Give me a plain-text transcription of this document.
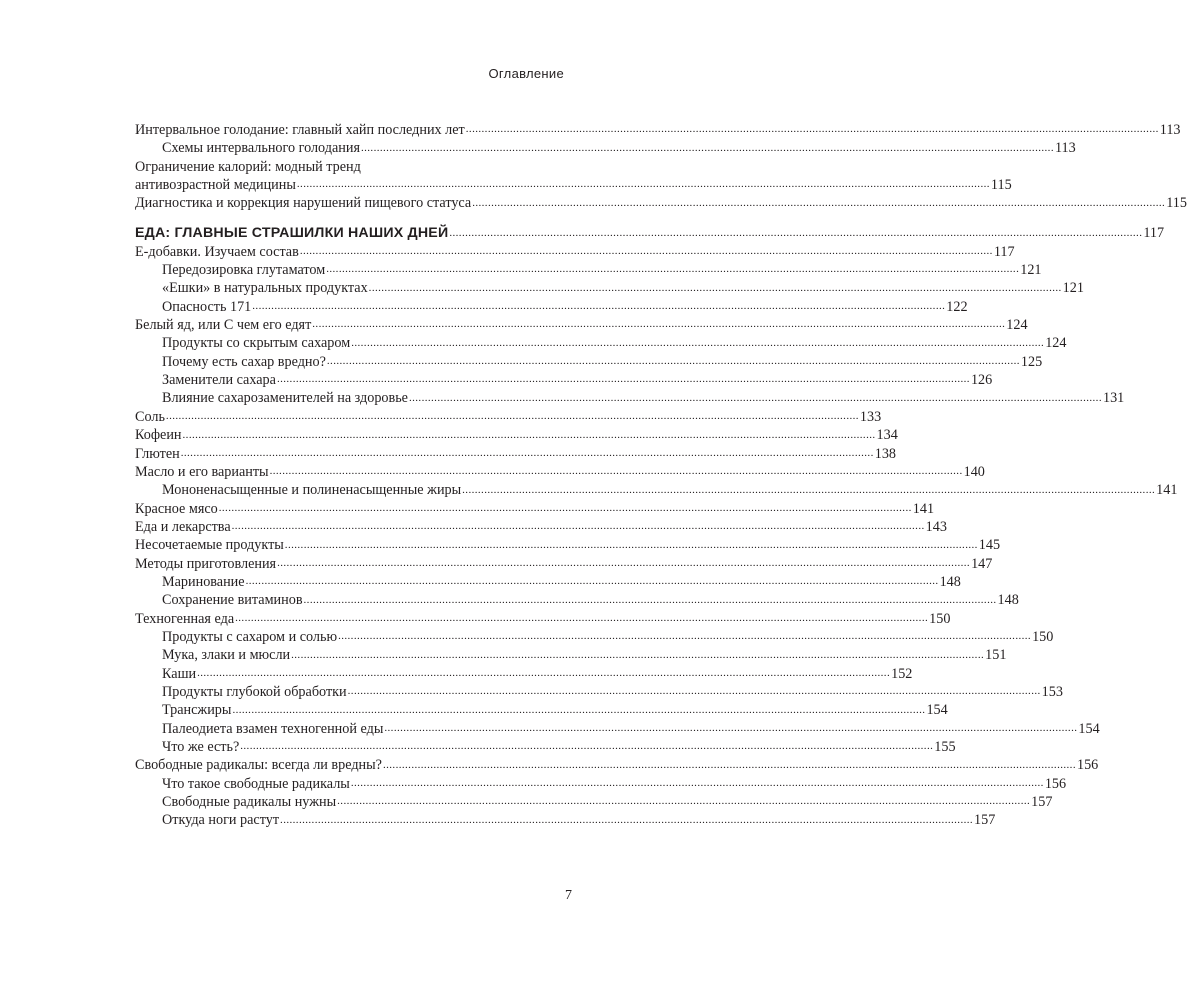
Оглавление
Интервальное голодание: главный хайп последних лет ............................................................................................................................................................................................................................ 113
Схемы интервального голодания ............................................................................................................................................................................................................................ 113
Ограничение калорий: модный тренд
антивозрастной медицины ............................................................................................................................................................................................................................ 115
Диагностика и коррекция нарушений пищевого статуса ............................................................................................................................................................................................................................ 115
ЕДА: ГЛАВНЫЕ СТРАШИЛКИ НАШИХ ДНЕЙ ............................................................................................................................................................................................................................ 117
Е-добавки. Изучаем состав ............................................................................................................................................................................................................................ 117
Передозировка глутаматом ............................................................................................................................................................................................................................ 121
«Ешки» в натуральных продуктах ............................................................................................................................................................................................................................ 121
Опасность 171 ............................................................................................................................................................................................................................ 122
Белый яд, или С чем его едят ............................................................................................................................................................................................................................ 124
Продукты со скрытым сахаром ............................................................................................................................................................................................................................ 124
Почему есть сахар вредно? ............................................................................................................................................................................................................................ 125
Заменители сахара ............................................................................................................................................................................................................................ 126
Влияние сахарозаменителей на здоровье ............................................................................................................................................................................................................................ 131
Соль ............................................................................................................................................................................................................................ 133
Кофеин ............................................................................................................................................................................................................................ 134
Глютен ............................................................................................................................................................................................................................ 138
Масло и его варианты ............................................................................................................................................................................................................................ 140
Мононенасыщенные и полиненасыщенные жиры ............................................................................................................................................................................................................................ 141
Красное мясо ............................................................................................................................................................................................................................ 141
Еда и лекарства ............................................................................................................................................................................................................................ 143
Несочетаемые продукты ............................................................................................................................................................................................................................ 145
Методы приготовления ............................................................................................................................................................................................................................ 147
Маринование ............................................................................................................................................................................................................................ 148
Сохранение витаминов ............................................................................................................................................................................................................................ 148
Техногенная еда ............................................................................................................................................................................................................................ 150
Продукты с сахаром и солью ............................................................................................................................................................................................................................ 150
Мука, злаки и мюсли ............................................................................................................................................................................................................................ 151
Каши ............................................................................................................................................................................................................................ 152
Продукты глубокой обработки ............................................................................................................................................................................................................................ 153
Трансжиры ............................................................................................................................................................................................................................ 154
Палеодиета взамен техногенной еды ............................................................................................................................................................................................................................ 154
Что же есть? ............................................................................................................................................................................................................................ 155
Свободные радикалы: всегда ли вредны? ............................................................................................................................................................................................................................ 156
Что такое свободные радикалы ............................................................................................................................................................................................................................ 156
Свободные радикалы нужны ............................................................................................................................................................................................................................ 157
Откуда ноги растут ............................................................................................................................................................................................................................ 157
7
